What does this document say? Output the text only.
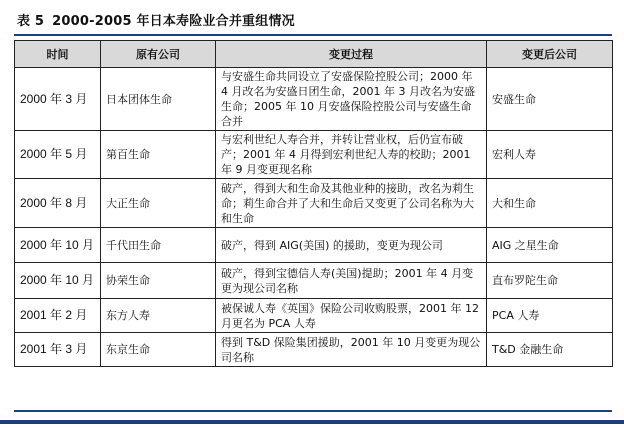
表 5 2000-2005 年日本寿险业合并重组情况
时间	原有公司	变更过程	变更后公司
2000 年 3 月	日本团体生命	与安盛生命共同设立了安盛保险控股公司；2000 年 4 月改名为安盛日团生命，2001 年 3 月改名为安盛生命；2005 年 10 月安盛保险控股公司与安盛生命合并	安盛生命
2000 年 5 月	第百生命	与宏利世纪人寿合并，并转让营业权，后仍宣布破产；2001 年 4 月得到宏利世纪人寿的校助；2001 年 9 月变更现名称	宏利人寿
2000 年 8 月	大正生命	破产，得到大和生命及其他业种的接助，改名为莉生命；莉生命合并了大和生命后又变更了公司名称为大和生命	大和生命
2000 年 10 月	千代田生命	破产，得到 AIG(美国) 的援助，变更为现公司	AIG 之星生命
2000 年 10 月	协荣生命	破产，得到宝德信人寿(美国)提助；2001 年 4 月变更为现公司名称	直布罗陀生命
2001 年 2 月	东方人寿	被保诚人寿《英国》保险公司收购股票，2001 年 12 月更名为 PCA 人寿	PCA 人寿
2001 年 3 月	东京生命	得到 T&D 保险集团援助，2001 年 10 月变更为现公司名称	T&D 金融生命
